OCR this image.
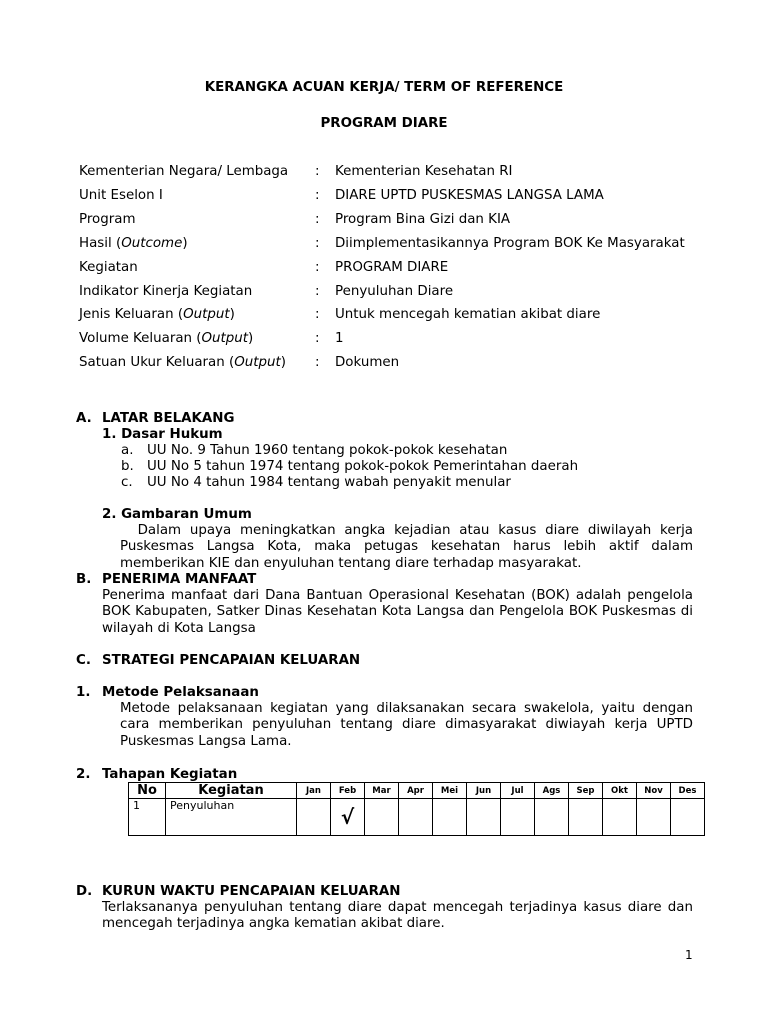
KERANGKA ACUAN KERJA/ TERM OF REFERENCE
PROGRAM DIARE
Kementerian Negara/ Lembaga : Kementerian Kesehatan RI
Unit Eselon I	: DIARE UPTD PUSKESMAS LANGSA LAMA
Program	: Program Bina Gizi dan KIA
Hasil (Outcome)	: Diimplementasikannya Program BOK Ke Masyarakat
Kegiatan	: PROGRAM DIARE
Indikator Kinerja Kegiatan	: Penyuluhan Diare
Jenis Keluaran (Output)	: Untuk mencegah kematian akibat diare
Volume Keluaran (Output)	: 1
Satuan Ukur Keluaran (Output) : Dokumen
A. LATAR BELAKANG
1. Dasar Hukum
a. UU No. 9 Tahun 1960 tentang pokok-pokok kesehatan
b. UU No 5 tahun 1974 tentang pokok-pokok Pemerintahan daerah
c. UU No 4 tahun 1984 tentang wabah penyakit menular
2. Gambaran Umum
Dalam upaya meningkatkan angka kejadian atau kasus diare diwilayah kerja Puskesmas Langsa Kota, maka petugas kesehatan harus lebih aktif dalam memberikan KIE dan enyuluhan tentang diare terhadap masyarakat.
B. PENERIMA MANFAAT
Penerima manfaat dari Dana Bantuan Operasional Kesehatan (BOK) adalah pengelola BOK Kabupaten, Satker Dinas Kesehatan Kota Langsa dan Pengelola BOK Puskesmas di wilayah di Kota Langsa
C. STRATEGI PENCAPAIAN KELUARAN
1. Metode Pelaksanaan
Metode pelaksanaan kegiatan yang dilaksanakan secara swakelola, yaitu dengan cara memberikan penyuluhan tentang diare dimasyarakat diwiayah kerja UPTD Puskesmas Langsa Lama.
2. Tahapan Kegiatan
No	Kegiatan	Jan	Feb	Mar	Apr	Mei	Jun	Jul	Ags	Sep	Okt	Nov	Des
1	Penyuluhan		√										
D. KURUN WAKTU PENCAPAIAN KELUARAN
Terlaksananya penyuluhan tentang diare dapat mencegah terjadinya kasus diare dan mencegah terjadinya angka kematian akibat diare.
1
